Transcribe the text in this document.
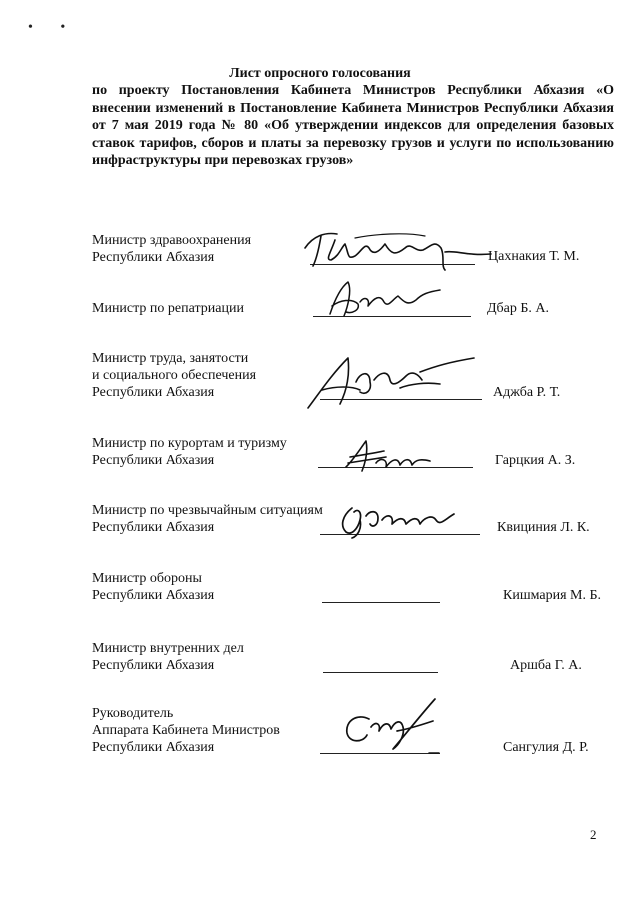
• •
Лист опросного голосования
по проекту Постановления Кабинета Министров Республики Абхазия «О внесении изменений в Постановление Кабинета Министров Республики Абхазия от 7 мая 2019 года № 80 «Об утверждении индексов для определения базовых ставок тарифов, сборов и платы за перевозку грузов и услуги по использованию инфраструктуры при перевозках грузов»
Министр здравоохранения
Республики Абхазия	Цахнакия Т. М.
Министр по репатриации	Дбар Б. А.
Министр труда, занятости
и социального обеспечения
Республики Абхазия	Аджба Р. Т.
Министр по курортам и туризму
Республики Абхазия	Гарцкия А. З.
Министр по чрезвычайным ситуациям
Республики Абхазия	Квициния Л. К.
Министр обороны
Республики Абхазия	Кишмария М. Б.
Министр внутренних дел
Республики Абхазия	Аршба Г. А.
Руководитель
Аппарата Кабинета Министров
Республики Абхазия	Сангулия Д. Р.
2
